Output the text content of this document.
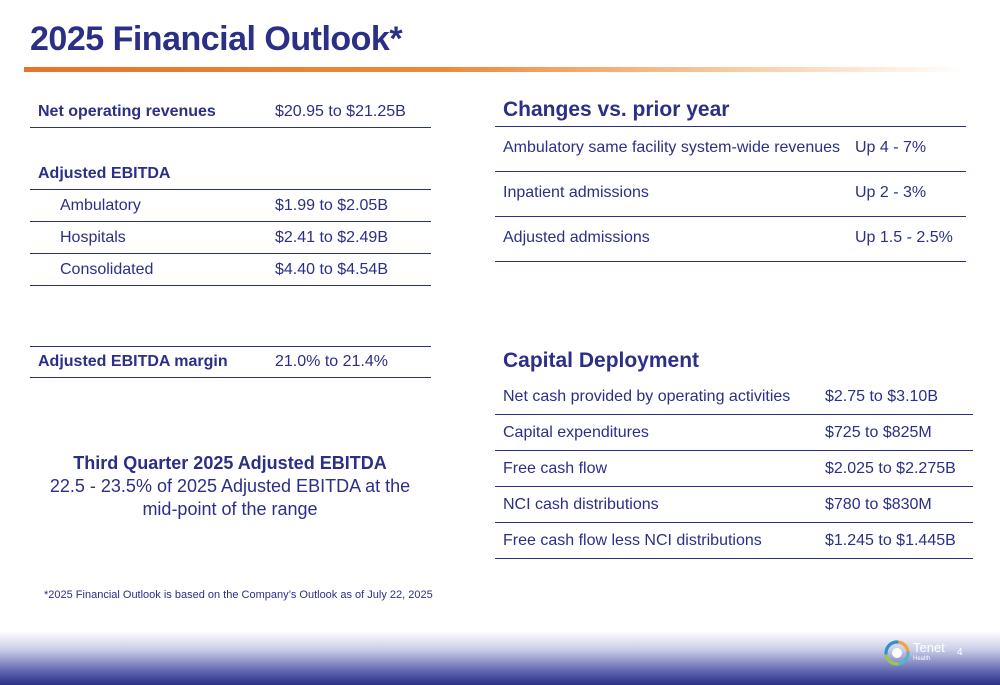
2025 Financial Outlook*
Net operating revenues	$20.95 to $21.25B
Adjusted EBITDA
Ambulatory	$1.99 to $2.05B
Hospitals	$2.41 to $2.49B
Consolidated	$4.40 to $4.54B
Adjusted EBITDA margin	21.0% to 21.4%
Third Quarter 2025 Adjusted EBITDA
22.5 - 23.5% of 2025 Adjusted EBITDA at the
mid-point of the range
Changes vs. prior year
Ambulatory same facility system-wide revenues Up 4 - 7%
Inpatient admissions	Up 2 - 3%
Adjusted admissions	Up 1.5 - 2.5%
Capital Deployment
Net cash provided by operating activities $2.75 to $3.10B
Capital expenditures	$725 to $825M
Free cash flow	$2.025 to $2.275B
NCI cash distributions	$780 to $830M
Free cash flow less NCI distributions	$1.245 to $1.445B
*2025 Financial Outlook is based on the Company’s Outlook as of July 22, 2025
Tenet
Health
4
